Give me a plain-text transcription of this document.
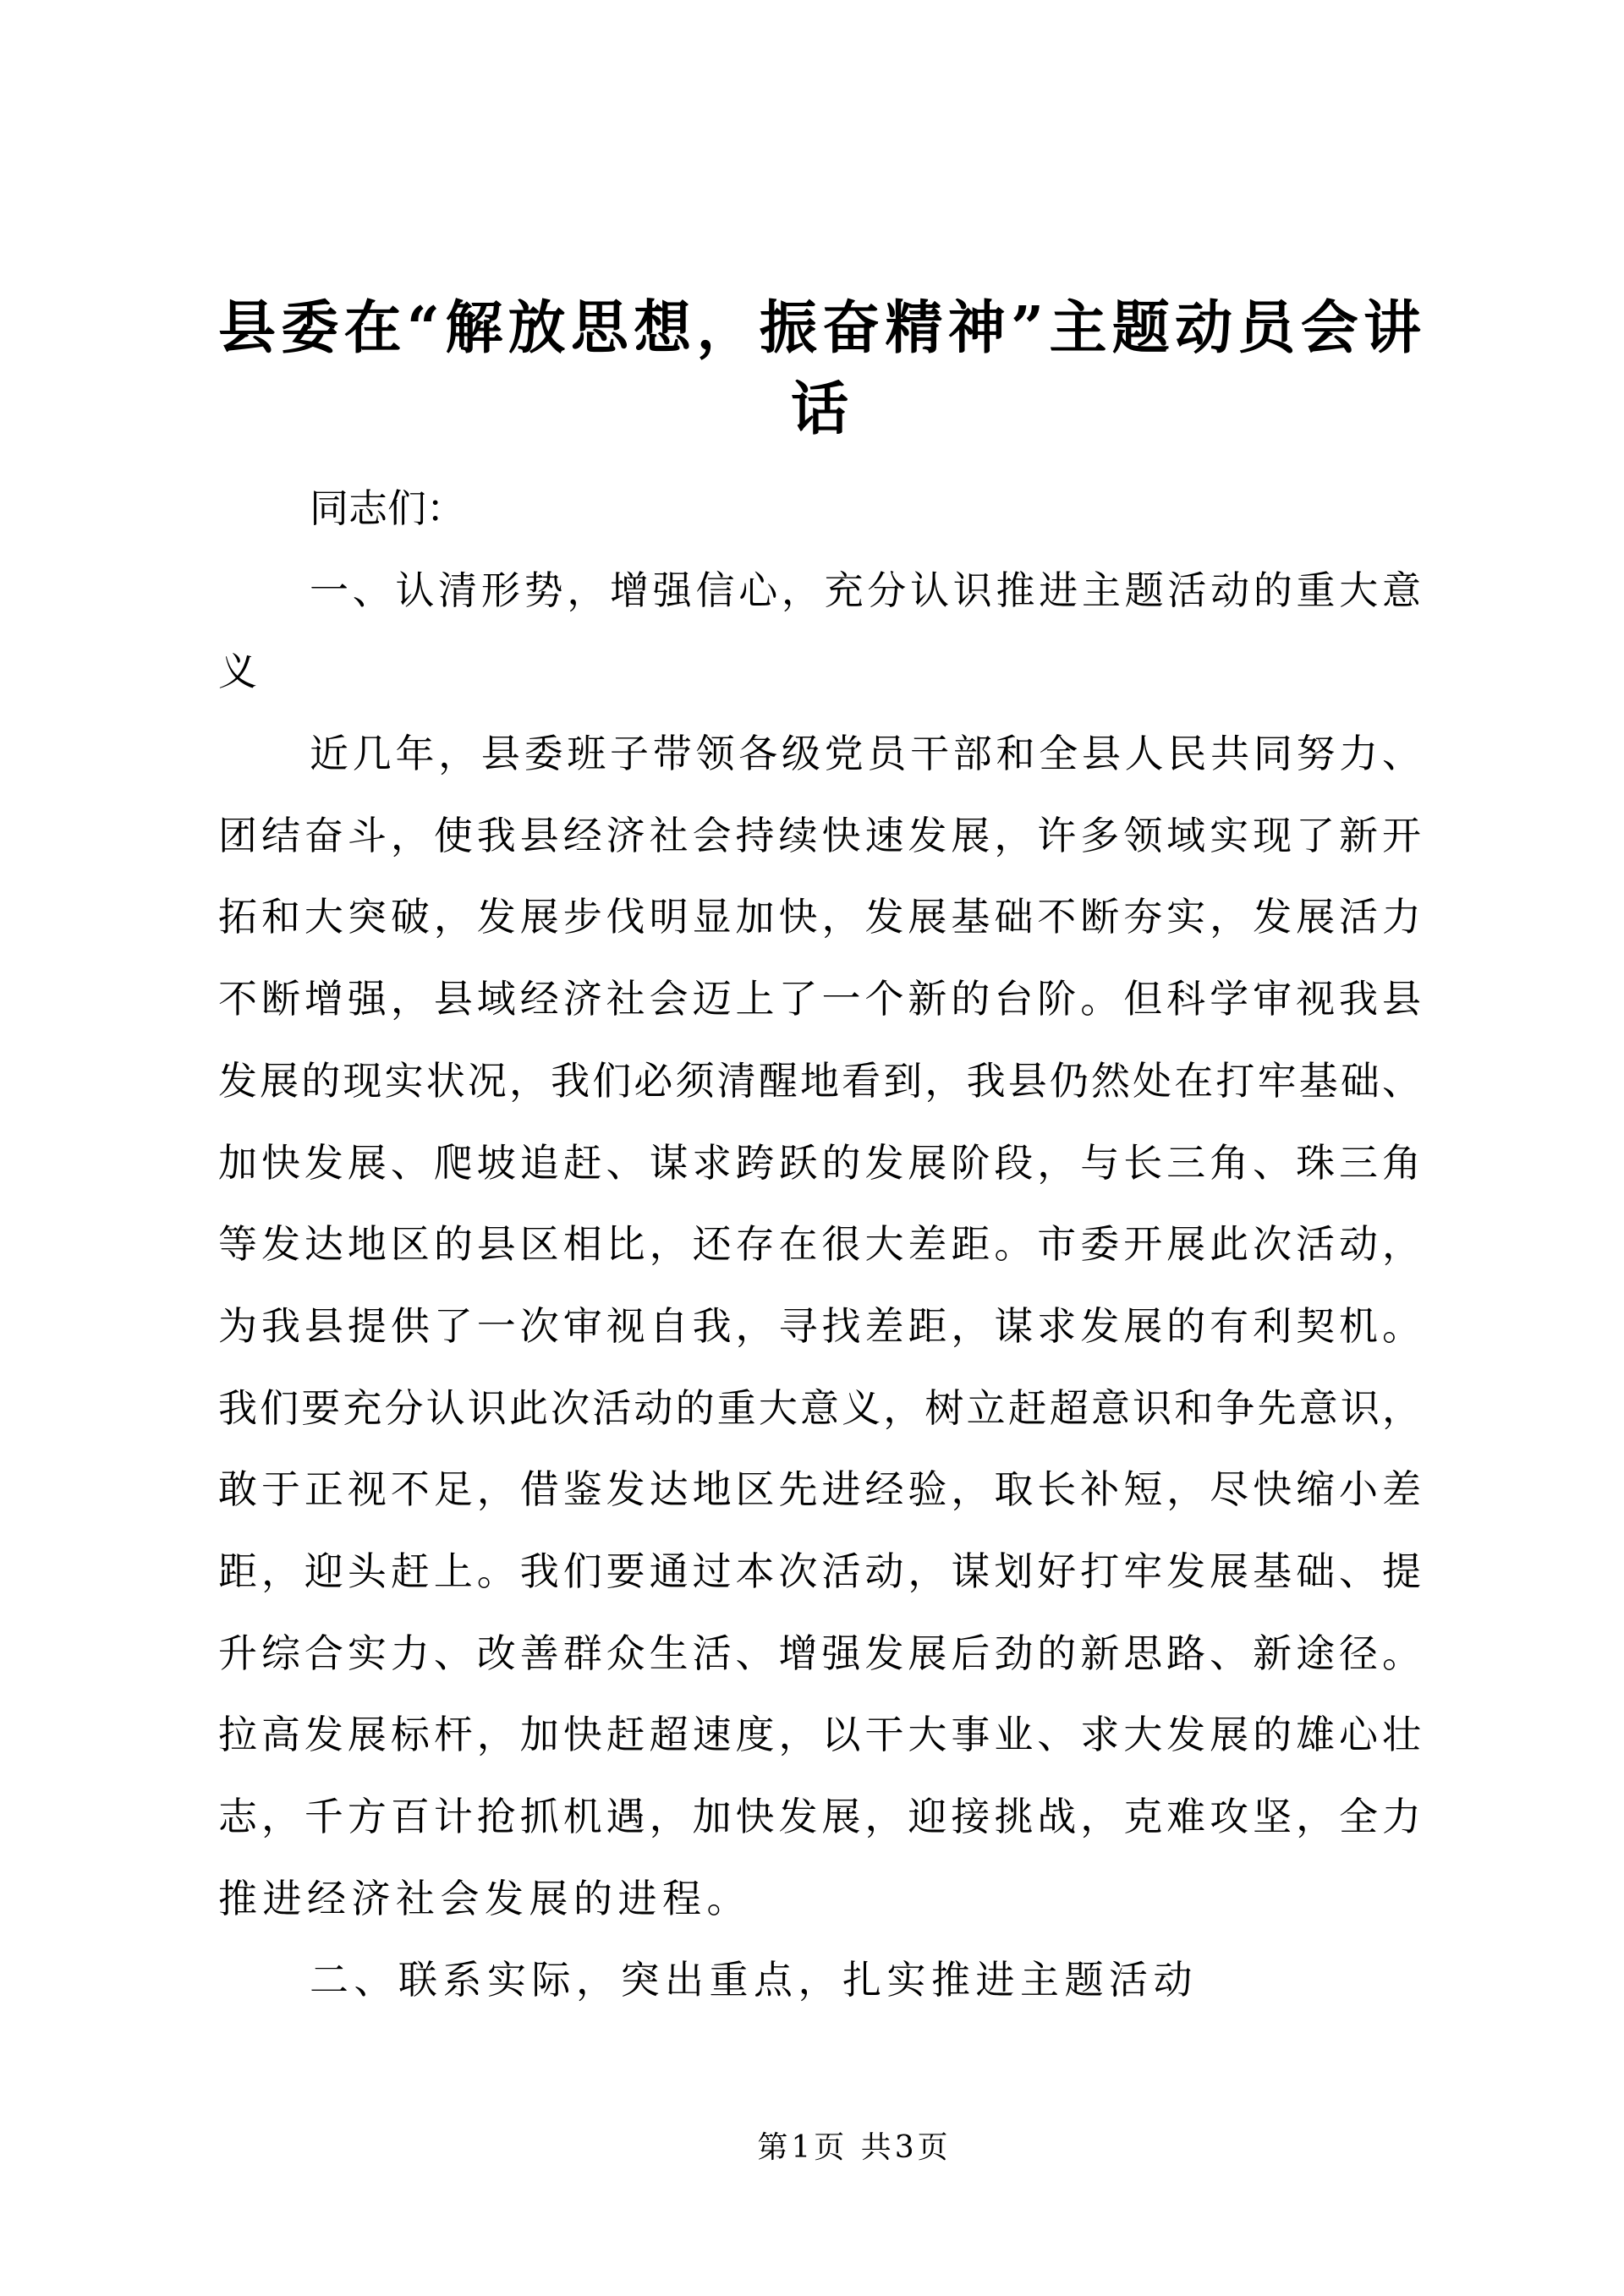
县委在“解放思想，振奋精神”主题动员会讲
话
同志们：
一、认清形势，增强信心，充分认识推进主题活动的重大意
义
近几年，县委班子带领各级党员干部和全县人民共同努力、
团结奋斗，使我县经济社会持续快速发展，许多领域实现了新开
拓和大突破，发展步伐明显加快，发展基础不断夯实，发展活力
不断增强，县域经济社会迈上了一个新的台阶。但科学审视我县
发展的现实状况，我们必须清醒地看到，我县仍然处在打牢基础、
加快发展、爬坡追赶、谋求跨跃的发展阶段，与长三角、珠三角
等发达地区的县区相比，还存在很大差距。市委开展此次活动，
为我县提供了一次审视自我，寻找差距，谋求发展的有利契机。
我们要充分认识此次活动的重大意义，树立赶超意识和争先意识，
敢于正视不足，借鉴发达地区先进经验，取长补短，尽快缩小差
距，迎头赶上。我们要通过本次活动，谋划好打牢发展基础、提
升综合实力、改善群众生活、增强发展后劲的新思路、新途径。
拉高发展标杆，加快赶超速度，以干大事业、求大发展的雄心壮
志，千方百计抢抓机遇，加快发展，迎接挑战，克难攻坚，全力
推进经济社会发展的进程。
二、联系实际，突出重点，扎实推进主题活动
第1页 共3页
